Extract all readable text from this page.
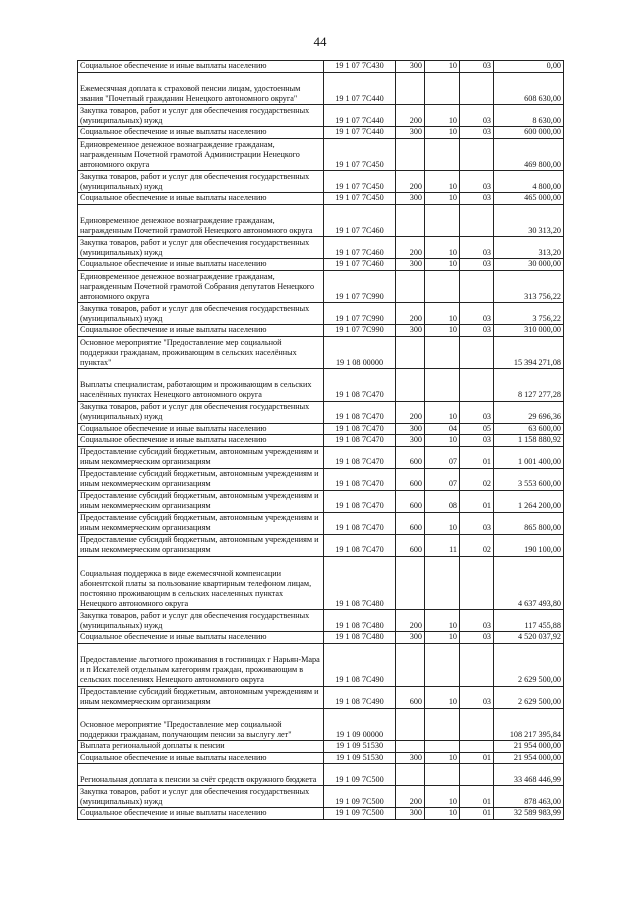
44
Социальное обеспечение и иные выплаты населению	19 1 07 7С430	300	10	03	0,00
Ежемесячная доплата к страховой пенсии лицам, удостоенным звания "Почетный гражданин Ненецкого автономного округа"	19 1 07 7С440				608 630,00
Закупка товаров, работ и услуг для обеспечения государственных (муниципальных) нужд	19 1 07 7С440	200	10	03	8 630,00
Социальное обеспечение и иные выплаты населению	19 1 07 7С440	300	10	03	600 000,00
Единовременное денежное вознаграждение гражданам, награжденным Почетной грамотой Администрации Ненецкого автономного округа	19 1 07 7С450				469 800,00
Закупка товаров, работ и услуг для обеспечения государственных (муниципальных) нужд	19 1 07 7С450	200	10	03	4 800,00
Социальное обеспечение и иные выплаты населению	19 1 07 7С450	300	10	03	465 000,00
Единовременное денежное вознаграждение гражданам, награжденным Почетной грамотой Ненецкого автономного округа	19 1 07 7С460				30 313,20
Закупка товаров, работ и услуг для обеспечения государственных (муниципальных) нужд	19 1 07 7С460	200	10	03	313,20
Социальное обеспечение и иные выплаты населению	19 1 07 7С460	300	10	03	30 000,00
Единовременное денежное вознаграждение гражданам, награжденным Почетной грамотой Собрания депутатов Ненецкого автономного округа	19 1 07 7С990				313 756,22
Закупка товаров, работ и услуг для обеспечения государственных (муниципальных) нужд	19 1 07 7С990	200	10	03	3 756,22
Социальное обеспечение и иные выплаты населению	19 1 07 7С990	300	10	03	310 000,00
Основное мероприятие "Предоставление мер социальной поддержки гражданам, проживающим в сельских населённых пунктах"	19 1 08 00000				15 394 271,08
Выплаты специалистам, работающим и проживающим в сельских населённых пунктах Ненецкого автономного округа	19 1 08 7С470				8 127 277,28
Закупка товаров, работ и услуг для обеспечения государственных (муниципальных) нужд	19 1 08 7С470	200	10	03	29 696,36
Социальное обеспечение и иные выплаты населению	19 1 08 7С470	300	04	05	63 600,00
Социальное обеспечение и иные выплаты населению	19 1 08 7С470	300	10	03	1 158 880,92
Предоставление субсидий бюджетным, автономным учреждениям и иным некоммерческим организациям	19 1 08 7С470	600	07	01	1 001 400,00
Предоставление субсидий бюджетным, автономным учреждениям и иным некоммерческим организациям	19 1 08 7С470	600	07	02	3 553 600,00
Предоставление субсидий бюджетным, автономным учреждениям и иным некоммерческим организациям	19 1 08 7С470	600	08	01	1 264 200,00
Предоставление субсидий бюджетным, автономным учреждениям и иным некоммерческим организациям	19 1 08 7С470	600	10	03	865 800,00
Предоставление субсидий бюджетным, автономным учреждениям и иным некоммерческим организациям	19 1 08 7С470	600	11	02	190 100,00
Социальная поддержка в виде ежемесячной компенсации абонентской платы за пользование квартирным телефоном лицам, постоянно проживающим в сельских населенных пунктах Ненецкого автономного округа	19 1 08 7С480				4 637 493,80
Закупка товаров, работ и услуг для обеспечения государственных (муниципальных) нужд	19 1 08 7С480	200	10	03	117 455,88
Социальное обеспечение и иные выплаты населению	19 1 08 7С480	300	10	03	4 520 037,92
Предоставление льготного проживания в гостиницах г Нарьян-Мара и п Искателей отдельным категориям граждан, проживающим в сельских поселениях Ненецкого автономного округа	19 1 08 7С490				2 629 500,00
Предоставление субсидий бюджетным, автономным учреждениям и иным некоммерческим организациям	19 1 08 7С490	600	10	03	2 629 500,00
Основное мероприятие "Предоставление мер социальной поддержки гражданам, получающим пенсии за выслугу лет"	19 1 09 00000				108 217 395,84
Выплата региональной доплаты к пенсии	19 1 09 51530				21 954 000,00
Социальное обеспечение и иные выплаты населению	19 1 09 51530	300	10	01	21 954 000,00
Региональная доплата к пенсии за счёт средств окружного бюджета	19 1 09 7С500				33 468 446,99
Закупка товаров, работ и услуг для обеспечения государственных (муниципальных) нужд	19 1 09 7С500	200	10	01	878 463,00
Социальное обеспечение и иные выплаты населению	19 1 09 7С500	300	10	01	32 589 983,99
